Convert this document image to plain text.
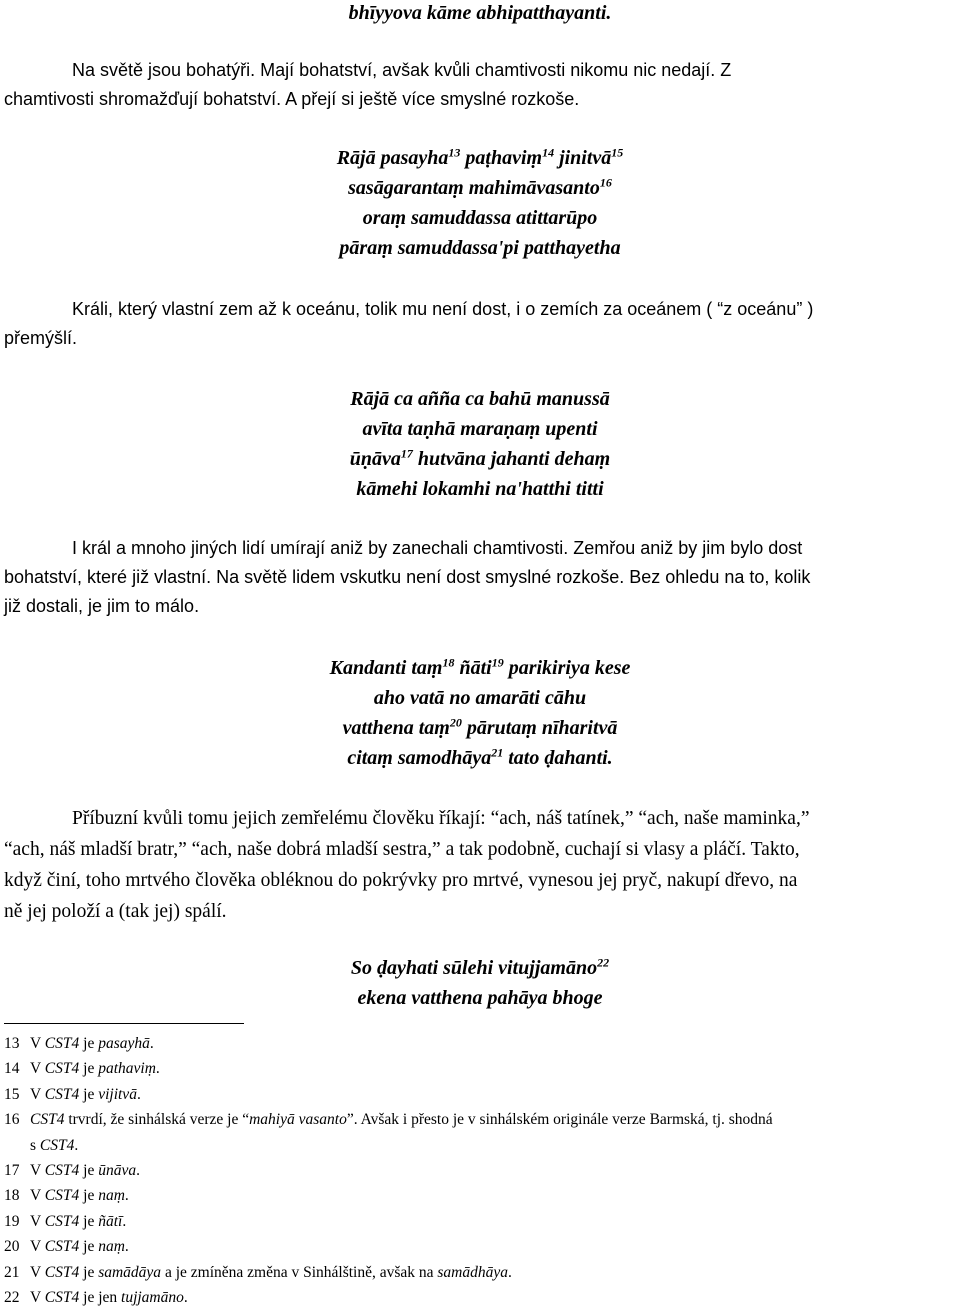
bhīyyova kāme abhipatthayanti.
Na světě jsou bohatýři. Mají bohatství, avšak kvůli chamtivosti nikomu nic nedají. Z
chamtivosti shromažďují bohatství. A přejí si ještě více smyslné rozkoše.
Rājā pasayha$^{13}$ paṭhaviṃ$^{14}$ jinitvā$^{15}$
sasāgarantaṃ mahimāvasanto$^{16}$
oraṃ samuddassa atittarūpo
pāraṃ samuddassa'pi patthayetha
Králi, který vlastní zem až k oceánu, tolik mu není dost, i o zemích za oceánem ( “z oceánu” )
přemýšlí.
Rājā ca añña ca bahū manussā
avīta taṇhā maraṇaṃ upenti
ūṇāva$^{17}$ hutvāna jahanti dehaṃ
kāmehi lokamhi na'hatthi titti
I král a mnoho jiných lidí umírají aniž by zanechali chamtivosti. Zemřou aniž by jim bylo dost
bohatství, které již vlastní. Na světě lidem vskutku není dost smyslné rozkoše. Bez ohledu na to, kolik
již dostali, je jim to málo.
Kandanti taṃ$^{18}$ ñāti$^{19}$ parikiriya kese
aho vatā no amarāti cāhu
vatthena taṃ$^{20}$ pārutaṃ nīharitvā
citaṃ samodhāya$^{21}$ tato ḍahanti.
Příbuzní kvůli tomu jejich zemřelému člověku říkají: “ach, náš tatínek,” “ach, naše maminka,”
“ach, náš mladší bratr,” “ach, naše dobrá mladší sestra,” a tak podobně, cuchají si vlasy a pláčí. Takto,
když činí, toho mrtvého člověka obléknou do pokrývky pro mrtvé, vynesou jej pryč, nakupí dřevo, na
ně jej položí a (tak jej) spálí.
So ḍayhati sūlehi vitujjamāno$^{22}$
ekena vatthena pahāya bhoge
13 V CST4 je pasayhā.
14 V CST4 je pathaviṃ.
15 V CST4 je vijitvā.
16 CST4 trvrdí, že sinhálská verze je “mahiyā vasanto”. Avšak i přesto je v sinhálském originále verze Barmská, tj. shodná
s CST4.
17 V CST4 je ūnāva.
18 V CST4 je naṃ.
19 V CST4 je ñātī.
20 V CST4 je naṃ.
21 V CST4 je samādāya a je zmíněna změna v Sinhálštině, avšak na samādhāya.
22 V CST4 je jen tujjamāno.
